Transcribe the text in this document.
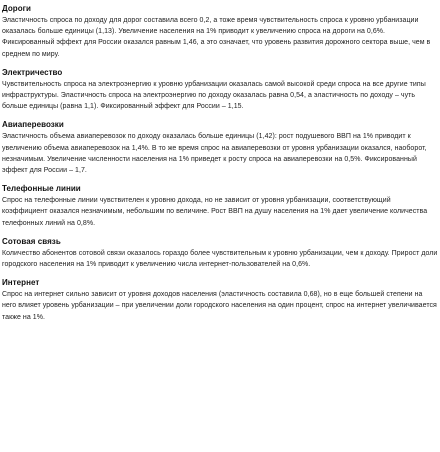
Дороги

Эластичность спроса по доходу для дорог составила всего 0,2, а тоже время чувствительность спроса к уровню урбанизации оказалась больше единицы (1,13). Увеличение населения на 1% приводит к увеличению спроса на дороги на 0,6%. Фиксированный эффект для России оказался равным 1,46, а это означает, что уровень развития дорожного сектора выше, чем в среднем по миру.

Электричество

Чувствительность спроса на электроэнергию к уровню урбанизации оказалась самой высокой среди спроса на все другие типы инфраструктуры. Эластичность спроса на электроэнергию по доходу оказалась равна 0,54, а эластичность по доходу – чуть больше единицы (равна 1,1). Фиксированный эффект для России – 1,15.

Авиаперевозки

Эластичность объема авиаперевозок по доходу оказалась больше единицы (1,42): рост подушевого ВВП на 1% приводит к увеличению объема авиаперевозок на 1,4%. В то же время спрос на авиаперевозки от уровня урбанизации оказался, наоборот, незначимым. Увеличение численности населения на 1% приведет к росту спроса на авиаперевозки на 0,5%. Фиксированный эффект для России – 1,7.

Телефонные линии

Спрос на телефонные линии чувствителен к уровню дохода, но не зависит от уровня урбанизации, соответствующий коэффициент оказался незначимым, небольшим по величине. Рост ВВП на душу населения на 1% дает увеличение количества телефонных линий на 0,8%.

Сотовая связь

Количество абонентов сотовой связи оказалось гораздо более чувствительным к уровню урбанизации, чем к доходу. Прирост доли городского населения на 1% приводит к увеличению числа интернет-пользователей на 0,6%.

Интернет

Спрос на интернет сильно зависит от уровня доходов населения (эластичность составила 0,68), но в еще большей степени на него влияет уровень урбанизации – при увеличении доли городского населения на один процент, спрос на интернет увеличивается также на 1%.
